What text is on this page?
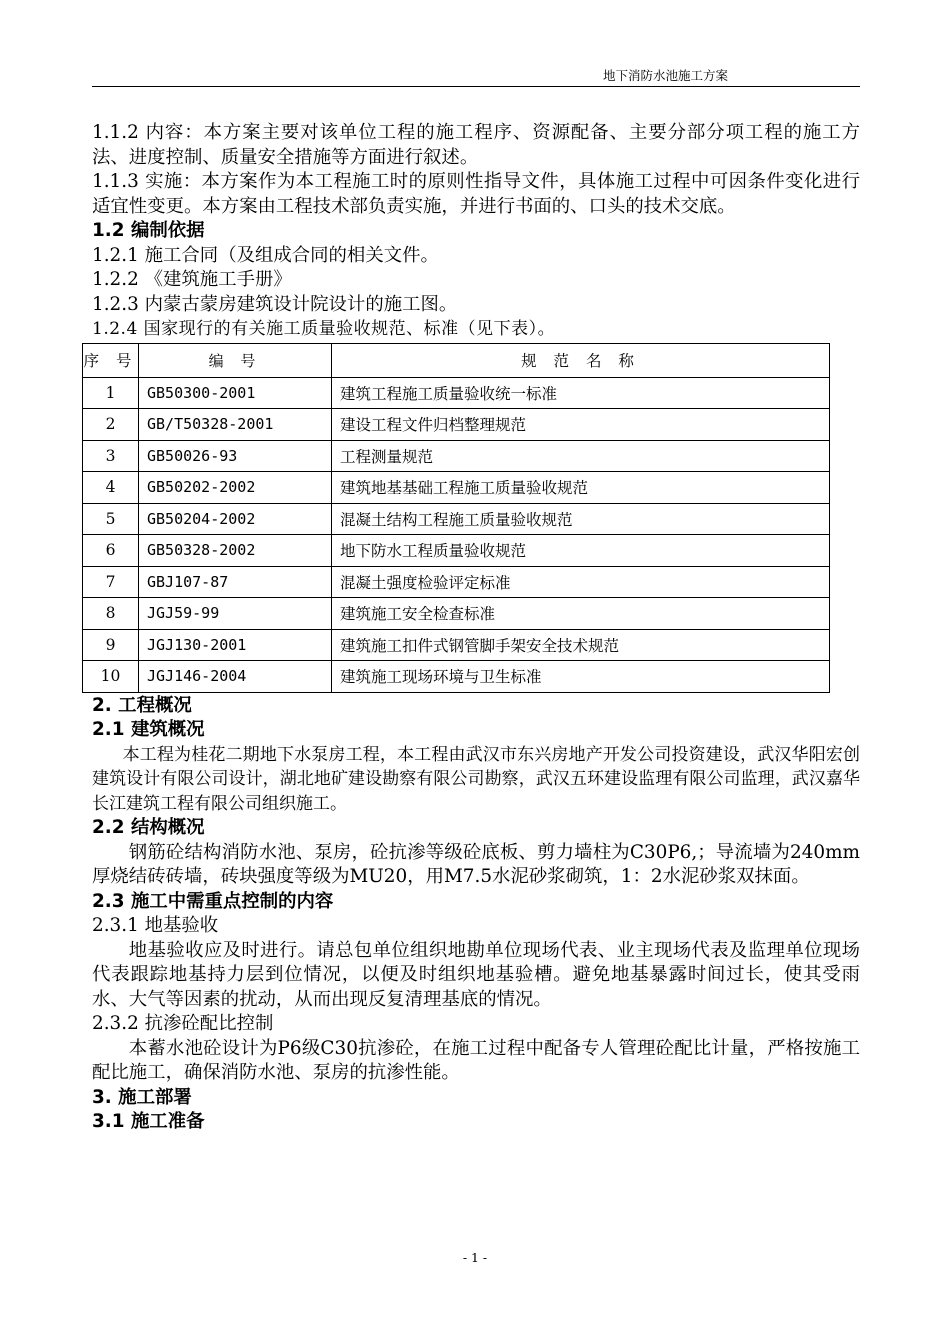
地下消防水池施工方案

1.1.2 内容：本方案主要对该单位工程的施工程序、资源配备、主要分部分项工程的施工方法、进度控制、质量安全措施等方面进行叙述。

1.1.3 实施：本方案作为本工程施工时的原则性指导文件，具体施工过程中可因条件变化进行适宜性变更。本方案由工程技术部负责实施，并进行书面的、口头的技术交底。

1.2 编制依据

1.2.1 施工合同（及组成合同的相关文件。

1.2.2 《建筑施工手册》

1.2.3 内蒙古蒙房建筑设计院设计的施工图。

1.2.4 国家现行的有关施工质量验收规范、标准（见下表）。

序 号	编 号	规 范 名 称
1	GB50300-2001	建筑工程施工质量验收统一标准
2	GB/T50328-2001	建设工程文件归档整理规范
3	GB50026-93	工程测量规范
4	GB50202-2002	建筑地基基础工程施工质量验收规范
5	GB50204-2002	混凝土结构工程施工质量验收规范
6	GB50328-2002	地下防水工程质量验收规范
7	GBJ107-87	混凝土强度检验评定标准
8	JGJ59-99	建筑施工安全检查标准
9	JGJ130-2001	建筑施工扣件式钢管脚手架安全技术规范
10	JGJ146-2004	建筑施工现场环境与卫生标准

2. 工程概况

2.1 建筑概况

本工程为桂花二期地下水泵房工程，本工程由武汉市东兴房地产开发公司投资建设，武汉华阳宏创建筑设计有限公司设计，湖北地矿建设勘察有限公司勘察，武汉五环建设监理有限公司监理，武汉嘉华长江建筑工程有限公司组织施工。

2.2 结构概况

钢筋砼结构消防水池、泵房，砼抗渗等级砼底板、剪力墙柱为C30P6,；导流墙为240mm厚烧结砖砖墙，砖块强度等级为MU20，用M7.5水泥砂浆砌筑，1：2水泥砂浆双抹面。

2.3 施工中需重点控制的内容

2.3.1 地基验收

地基验收应及时进行。请总包单位组织地勘单位现场代表、业主现场代表及监理单位现场代表跟踪地基持力层到位情况，以便及时组织地基验槽。避免地基暴露时间过长，使其受雨水、大气等因素的扰动，从而出现反复清理基底的情况。

2.3.2 抗渗砼配比控制

本蓄水池砼设计为P6级C30抗渗砼，在施工过程中配备专人管理砼配比计量，严格按施工配比施工，确保消防水池、泵房的抗渗性能。

3. 施工部署

3.1 施工准备

- 1 -
